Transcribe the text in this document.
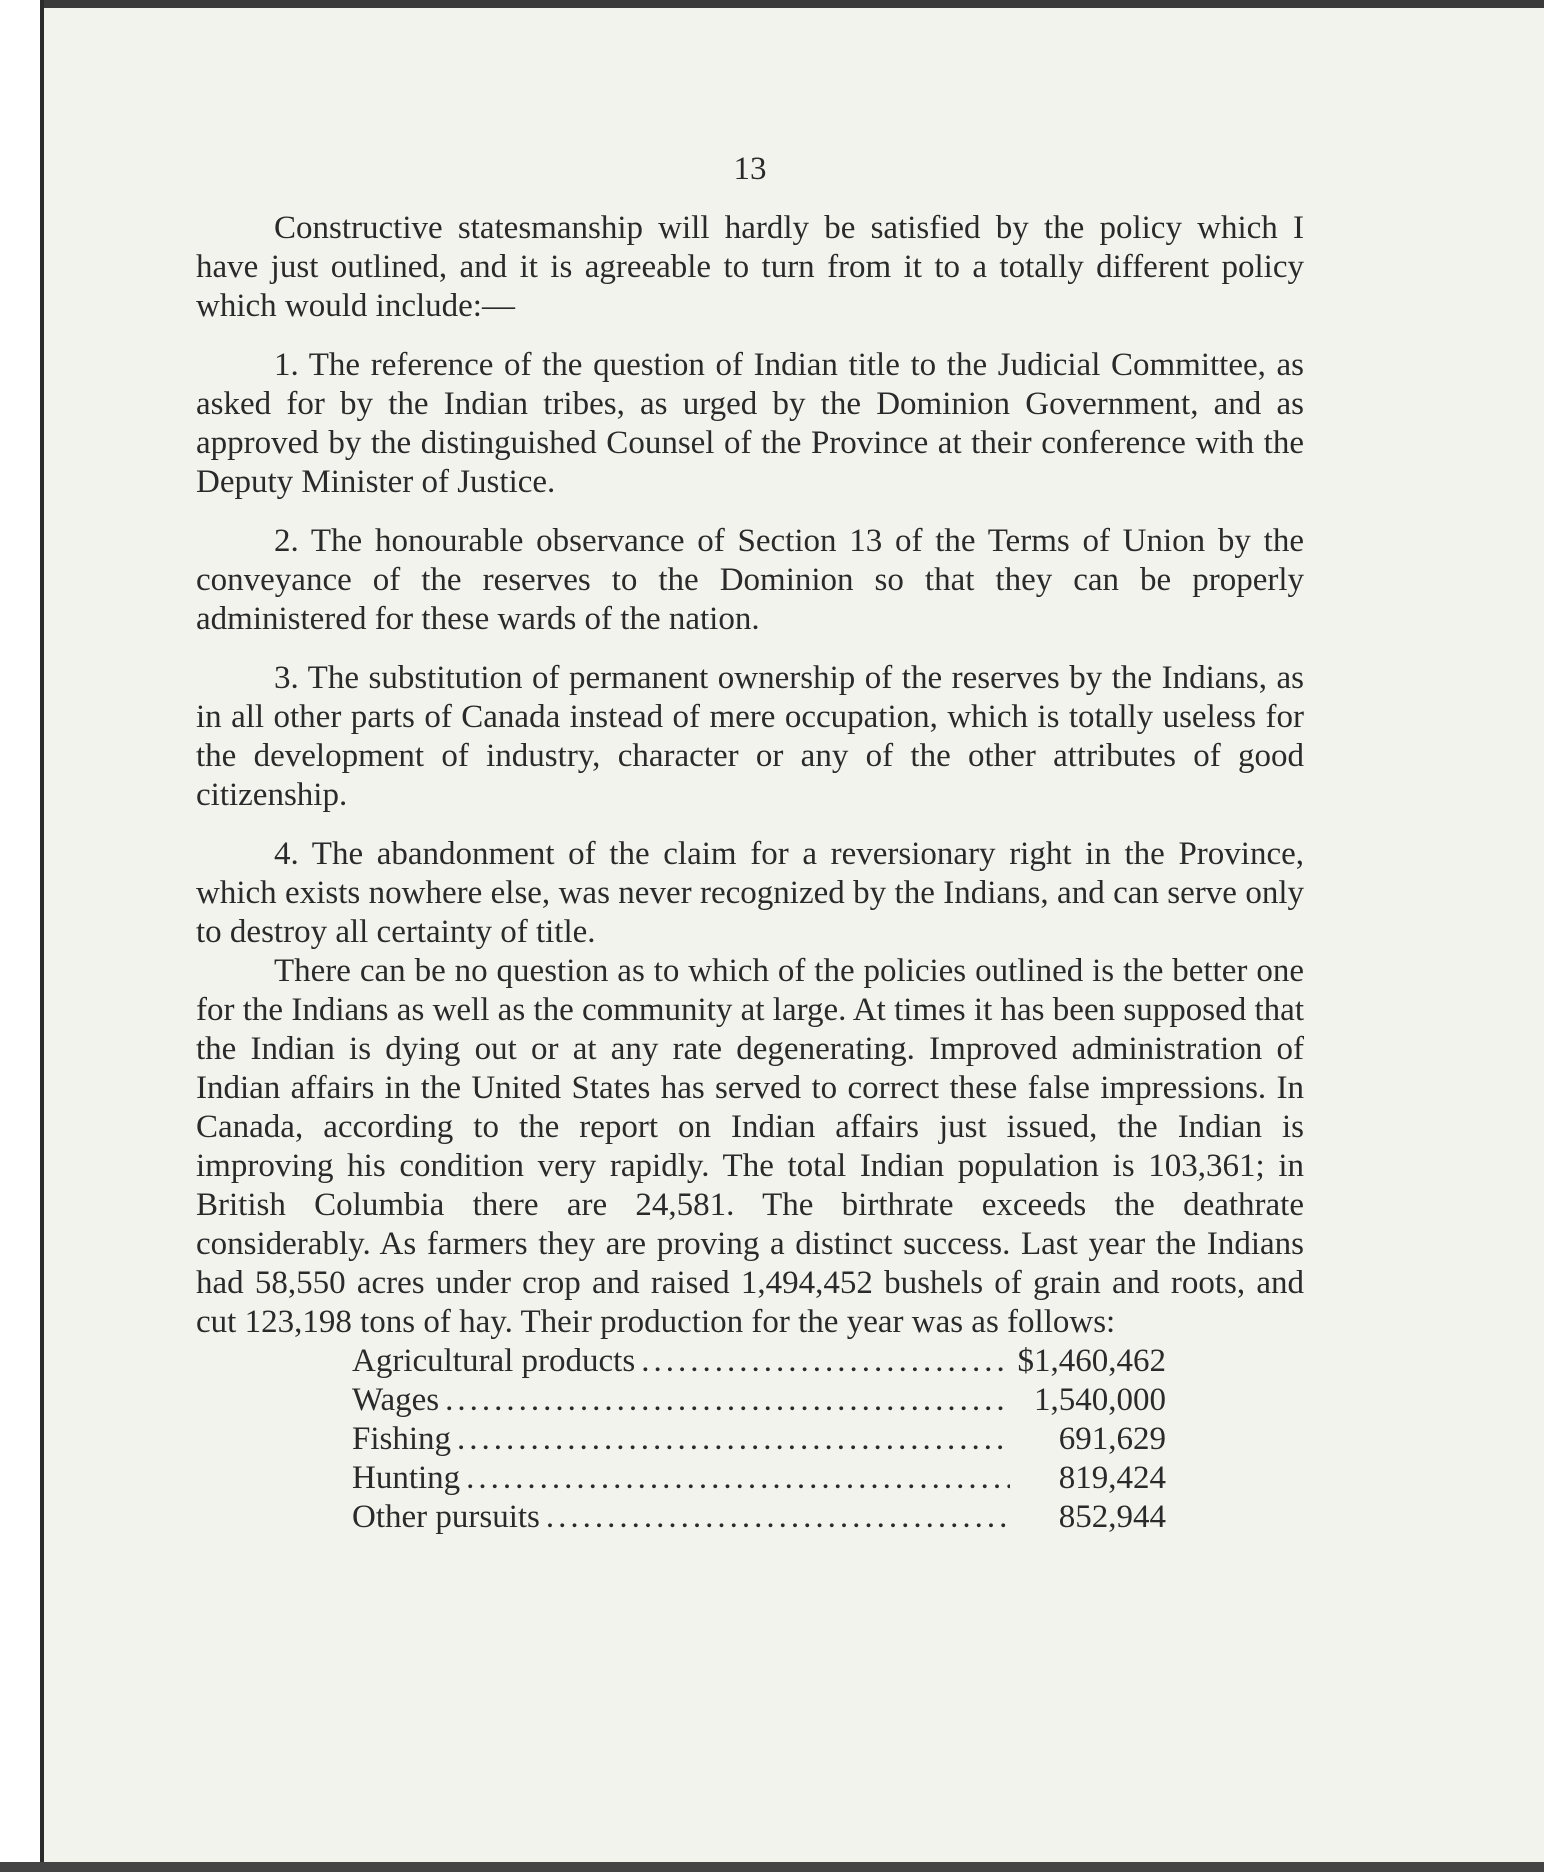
13

Constructive statesmanship will hardly be satisfied by the policy which I have just outlined, and it is agreeable to turn from it to a totally different policy which would include:—

1. The reference of the question of Indian title to the Judicial Committee, as asked for by the Indian tribes, as urged by the Dominion Government, and as approved by the distinguished Counsel of the Province at their conference with the Deputy Minister of Justice.

2. The honourable observance of Section 13 of the Terms of Union by the conveyance of the reserves to the Dominion so that they can be properly administered for these wards of the nation.

3. The substitution of permanent ownership of the reserves by the Indians, as in all other parts of Canada instead of mere occupation, which is totally useless for the development of industry, character or any of the other attributes of good citizenship.

4. The abandonment of the claim for a reversionary right in the Province, which exists nowhere else, was never recognized by the Indians, and can serve only to destroy all certainty of title.

There can be no question as to which of the policies outlined is the better one for the Indians as well as the community at large. At times it has been supposed that the Indian is dying out or at any rate degenerating. Improved administration of Indian affairs in the United States has served to correct these false impressions. In Canada, according to the report on Indian affairs just issued, the Indian is improving his condition very rapidly. The total Indian population is 103,361; in British Columbia there are 24,581. The birthrate exceeds the deathrate considerably. As farmers they are proving a distinct success. Last year the Indians had 58,550 acres under crop and raised 1,494,452 bushels of grain and roots, and cut 123,198 tons of hay. Their production for the year was as follows:

Agricultural products .....	$1,460,462
Wages .....	1,540,000
Fishing .....	691,629
Hunting .....	819,424
Other pursuits .....	852,944
